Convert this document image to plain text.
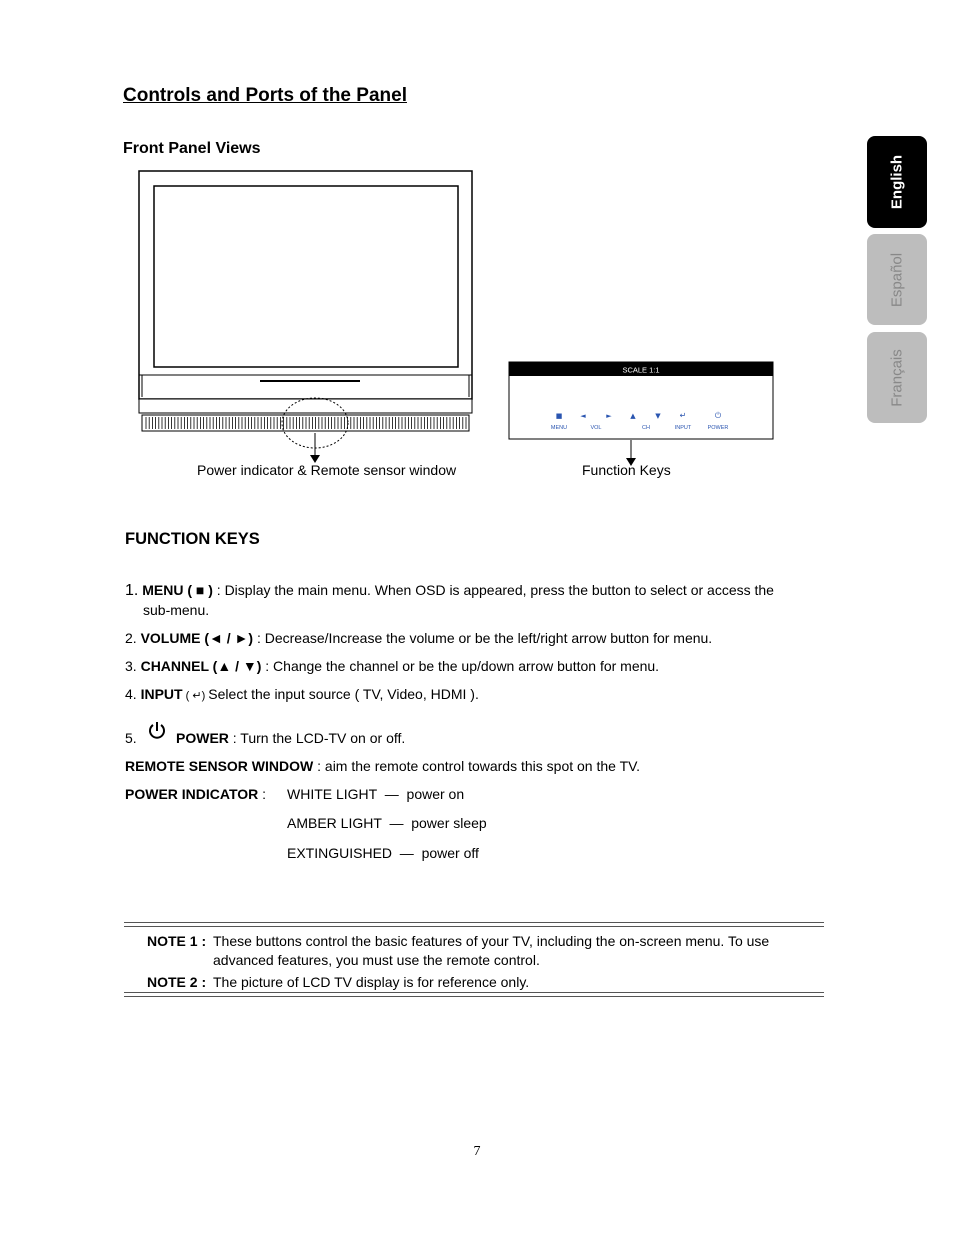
Controls and Ports of the Panel
Front Panel Views
English
Español
Français
SCALE 1:1
■
MENU
◄
VOL
►	▲
CH
▼ ↵
INPUT
⏻
POWER
Power indicator & Remote sensor window	Function Keys
FUNCTION KEYS
1. MENU ( ■ ) : Display the main menu. When OSD is appeared, press the button to select or access the
sub-menu.
2. VOLUME (◄ / ►) : Decrease/Increase the volume or be the left/right arrow button for menu.
3. CHANNEL (▲ / ▼) : Change the channel or be the up/down arrow button for menu.
4. INPUT ( ↵) Select the input source ( TV, Video, HDMI ).
5.	POWER : Turn the LCD-TV on or off.
REMOTE SENSOR WINDOW : aim the remote control towards this spot on the TV.
POWER INDICATOR : WHITE LIGHT — power on
AMBER LIGHT — power sleep
EXTINGUISHED — power off
NOTE 1 : These buttons control the basic features of your TV, including the on-screen menu. To use
advanced features, you must use the remote control.
NOTE 2 : The picture of LCD TV display is for reference only.
7
